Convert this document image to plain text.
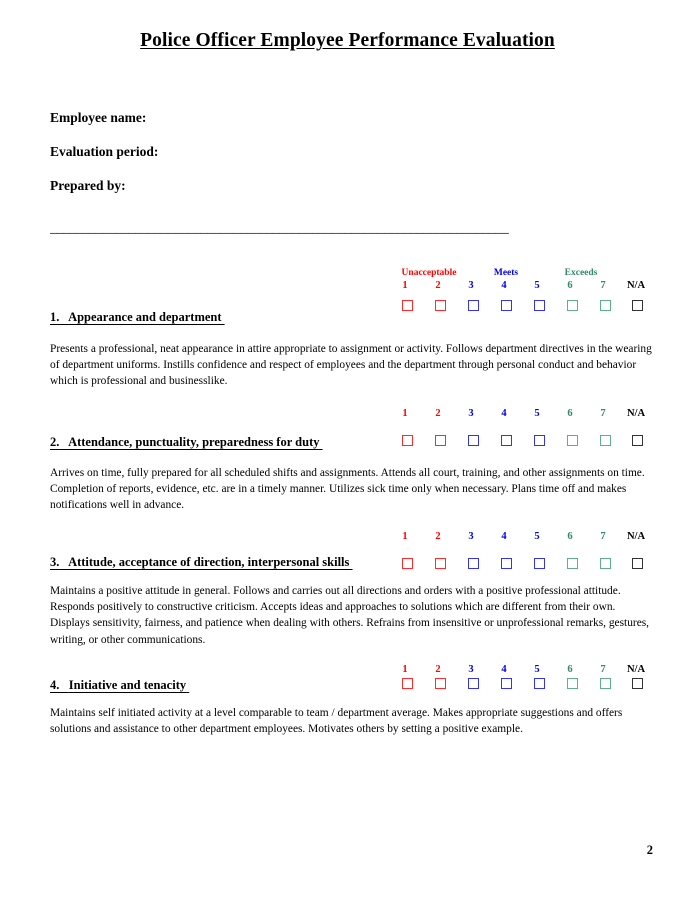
Police Officer Employee Performance Evaluation
Employee name:
Evaluation period:
Prepared by:
______________________________________________________________________
Unacceptable	Meets	Exceeds
1	2	3	4	5	6	7	N/A
1. Appearance and department
Presents a professional, neat appearance in attire appropriate to assignment or activity. Follows department directives in the wearing of department uniforms. Instills confidence and respect of employees and the department through personal conduct and behavior which is professional and businesslike.
1	2	3	4	5	6	7	N/A
2. Attendance, punctuality, preparedness for duty
Arrives on time, fully prepared for all scheduled shifts and assignments. Attends all court, training, and other assignments on time. Completion of reports, evidence, etc. are in a timely manner. Utilizes sick time only when necessary. Plans time off and makes notifications well in advance.
1	2	3	4	5	6	7	N/A
3. Attitude, acceptance of direction, interpersonal skills
Maintains a positive attitude in general. Follows and carries out all directions and orders with a positive professional attitude. Responds positively to constructive criticism. Accepts ideas and approaches to solutions which are different from their own. Displays sensitivity, fairness, and patience when dealing with others. Refrains from insensitive or unprofessional remarks, gestures, writing, or other communications.
1	2	3	4	5	6	7	N/A
4. Initiative and tenacity
Maintains self initiated activity at a level comparable to team / department average. Makes appropriate suggestions and offers solutions and assistance to other department employees. Motivates others by setting a positive example.
2
